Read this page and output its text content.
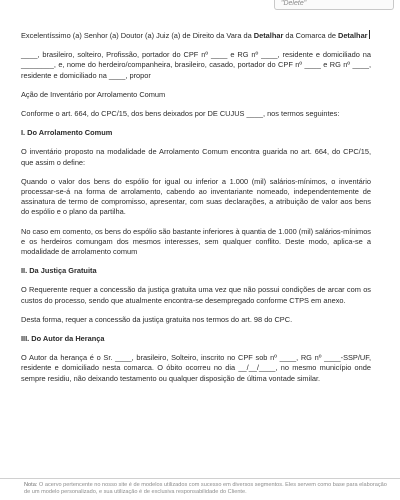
"Delete"

Excelentíssimo (a) Senhor (a) Doutor (a) Juiz (a) de Direito da Vara da Detalhar da Comarca de Detalhar

____, brasileiro, solteiro, Profissão, portador do CPF nº ____ e RG nº ____, residente e domiciliado na ________, e, nome do herdeiro/companheira, brasileiro, casado, portador do CPF nº ____ e RG nº ____, residente e domiciliado na ____, propor

Ação de Inventário por Arrolamento Comum

Conforme o art. 664, do CPC/15, dos bens deixados por DE CUJUS ____, nos termos seguintes:

I. Do Arrolamento Comum

O inventário proposto na modalidade de Arrolamento Comum encontra guarida no art. 664, do CPC/15, que assim o define:

Quando o valor dos bens do espólio for igual ou inferior a 1.000 (mil) salários-mínimos, o inventário processar-se-á na forma de arrolamento, cabendo ao inventariante nomeado, independentemente de assinatura de termo de compromisso, apresentar, com suas declarações, a atribuição de valor aos bens do espólio e o plano da partilha.

No caso em comento, os bens do espólio são bastante inferiores à quantia de 1.000 (mil) salários-mínimos e os herdeiros comungam dos mesmos interesses, sem qualquer conflito. Deste modo, aplica-se a modalidade de arrolamento comum

II. Da Justiça Gratuita

O Requerente requer a concessão da justiça gratuita uma vez que não possui condições de arcar com os custos do processo, sendo que atualmente encontra-se desempregado conforme CTPS em anexo.

Desta forma, requer a concessão da justiça gratuita nos termos do art. 98 do CPC.

III. Do Autor da Herança

O Autor da herança é o Sr. ____, brasileiro, Solteiro, inscrito no CPF sob nº ____, RG nº ____-SSP/UF, residente e domiciliado nesta comarca. O óbito ocorreu no dia __/__/____, no mesmo município onde sempre residiu, não deixando testamento ou qualquer disposição de última vontade similar.

Nota: O acervo pertencente no nosso site é de modelos utilizados com sucesso em diversos segmentos. Eles servem como base para elaboração de um modelo personalizado, e sua utilização é de exclusiva responsabilidade do Cliente.
